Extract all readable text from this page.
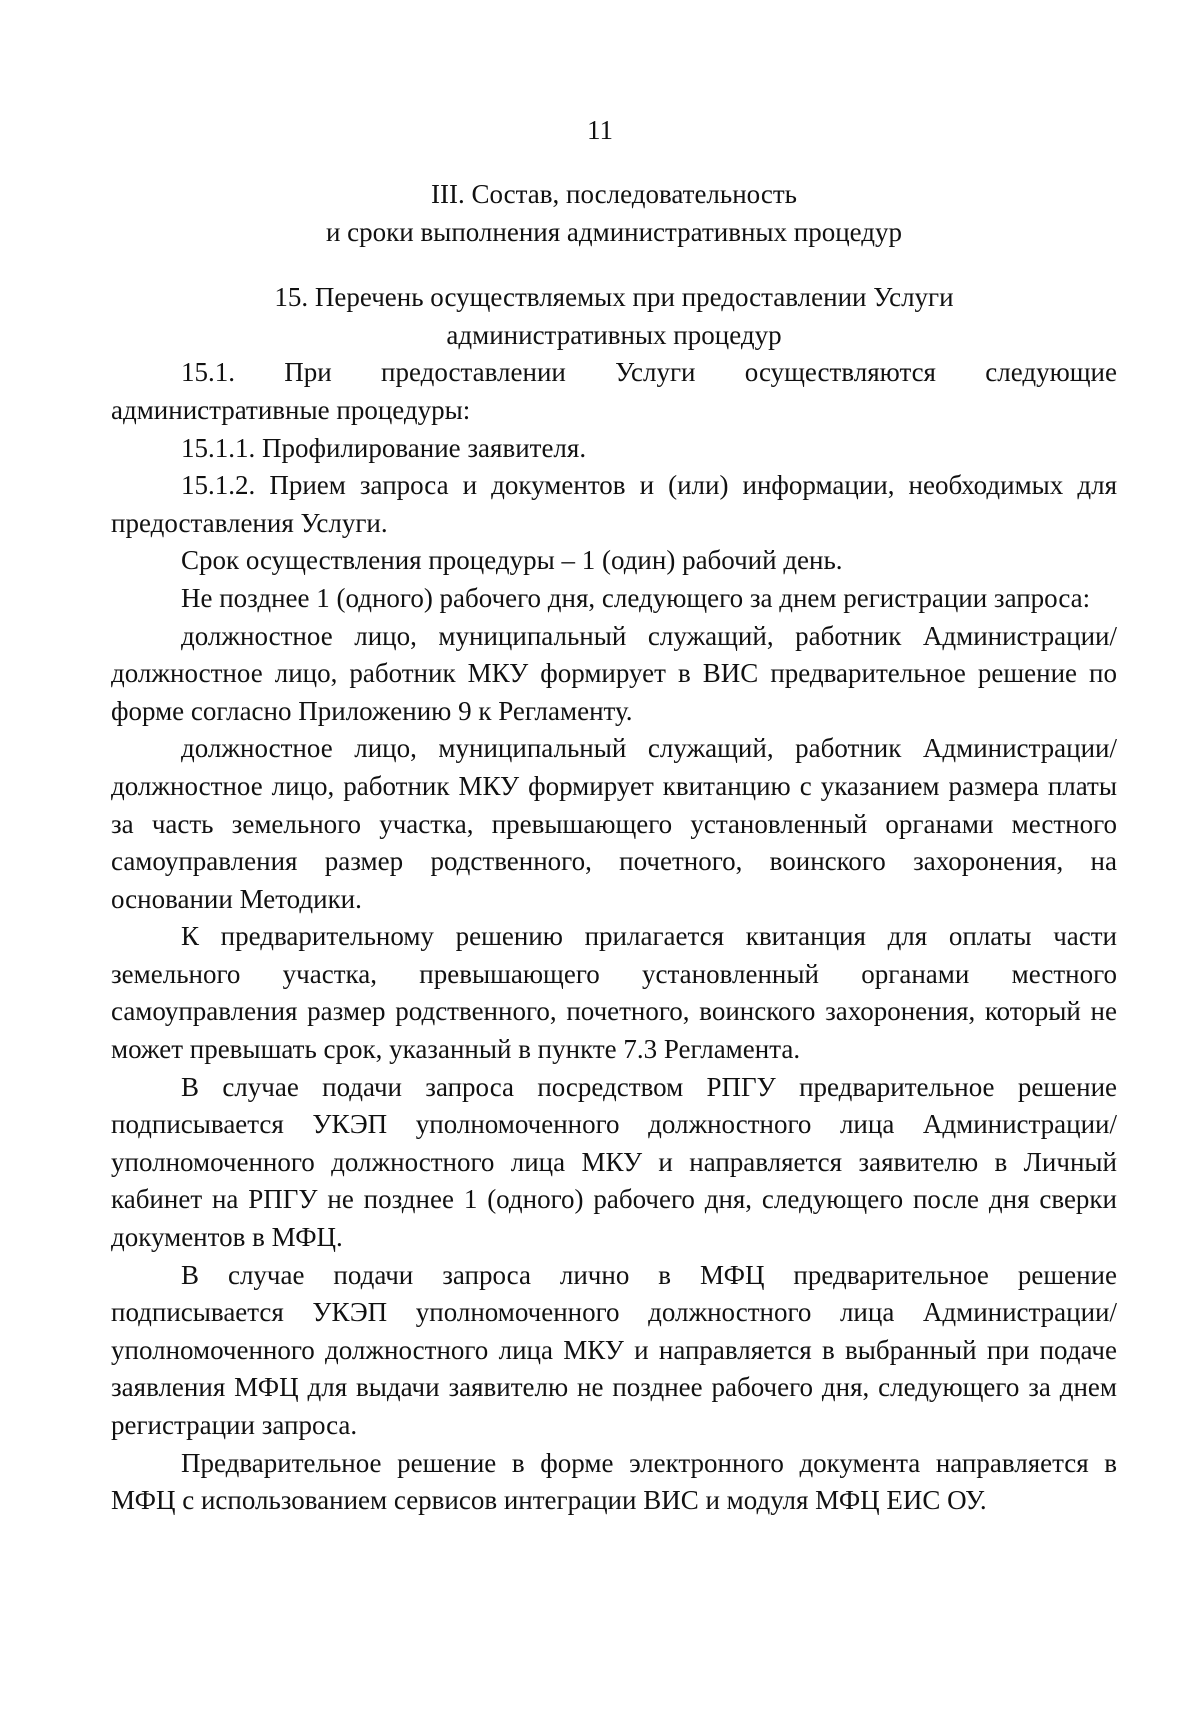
11
III. Состав, последовательность
и сроки выполнения административных процедур
15. Перечень осуществляемых при предоставлении Услуги
административных процедур

15.1. При предоставлении Услуги осуществляются следующие административные процедуры:

15.1.1. Профилирование заявителя.

15.1.2. Прием запроса и документов и (или) информации, необходимых для предоставления Услуги.

Срок осуществления процедуры – 1 (один) рабочий день.

Не позднее 1 (одного) рабочего дня, следующего за днем регистрации запроса:

должностное лицо, муниципальный служащий, работник Администрации/должностное лицо, работник МКУ формирует в ВИС предварительное решение по форме согласно Приложению 9 к Регламенту.

должностное лицо, муниципальный служащий, работник Администрации/должностное лицо, работник МКУ формирует квитанцию с указанием размера платы за часть земельного участка, превышающего установленный органами местного самоуправления размер родственного, почетного, воинского захоронения, на основании Методики.

К предварительному решению прилагается квитанция для оплаты части земельного участка, превышающего установленный органами местного самоуправления размер родственного, почетного, воинского захоронения, который не может превышать срок, указанный в пункте 7.3 Регламента.

В случае подачи запроса посредством РПГУ предварительное решение подписывается УКЭП уполномоченного должностного лица Администрации/уполномоченного должностного лица МКУ и направляется заявителю в Личный кабинет на РПГУ не позднее 1 (одного) рабочего дня, следующего после дня сверки документов в МФЦ.

В случае подачи запроса лично в МФЦ предварительное решение подписывается УКЭП уполномоченного должностного лица Администрации/уполномоченного должностного лица МКУ и направляется в выбранный при подаче заявления МФЦ для выдачи заявителю не позднее рабочего дня, следующего за днем регистрации запроса.

Предварительное решение в форме электронного документа направляется в МФЦ с использованием сервисов интеграции ВИС и модуля МФЦ ЕИС ОУ.
